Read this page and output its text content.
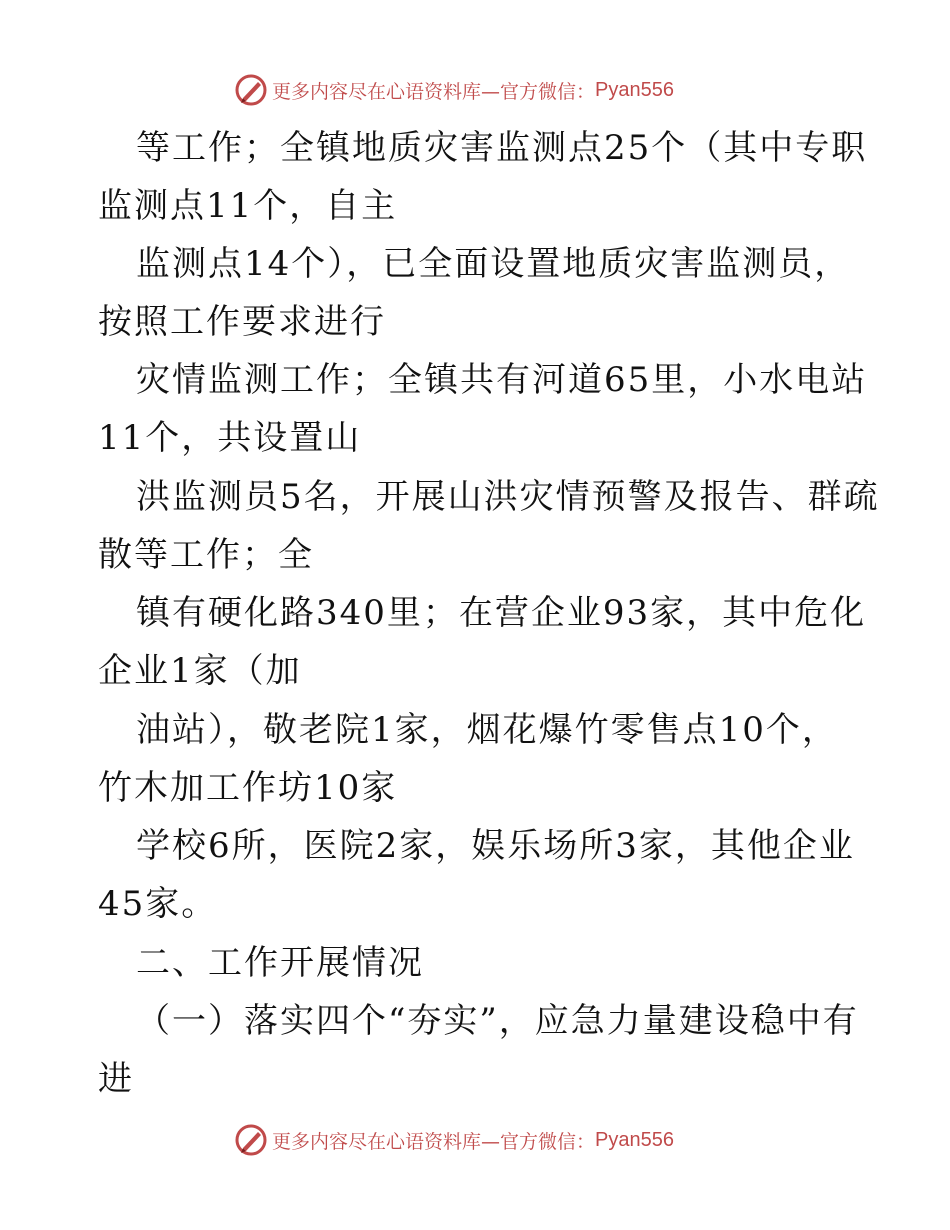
更多内容尽在心语资料库—官方微信： Pyan556
等工作；全镇地质灾害监测点25个（其中专职
监测点11个，自主
监测点14个），已全面设置地质灾害监测员，
按照工作要求进行
灾情监测工作；全镇共有河道65里，小水电站
11个，共设置山
洪监测员5名，开展山洪灾情预警及报告、群疏
散等工作；全
镇有硬化路340里；在营企业93家，其中危化
企业1家（加
油站），敬老院1家，烟花爆竹零售点10个，
竹木加工作坊10家
学校6所，医院2家，娱乐场所3家，其他企业
45家。
二、工作开展情况
（一）落实四个“夯实”，应急力量建设稳中有
进
更多内容尽在心语资料库—官方微信： Pyan556
